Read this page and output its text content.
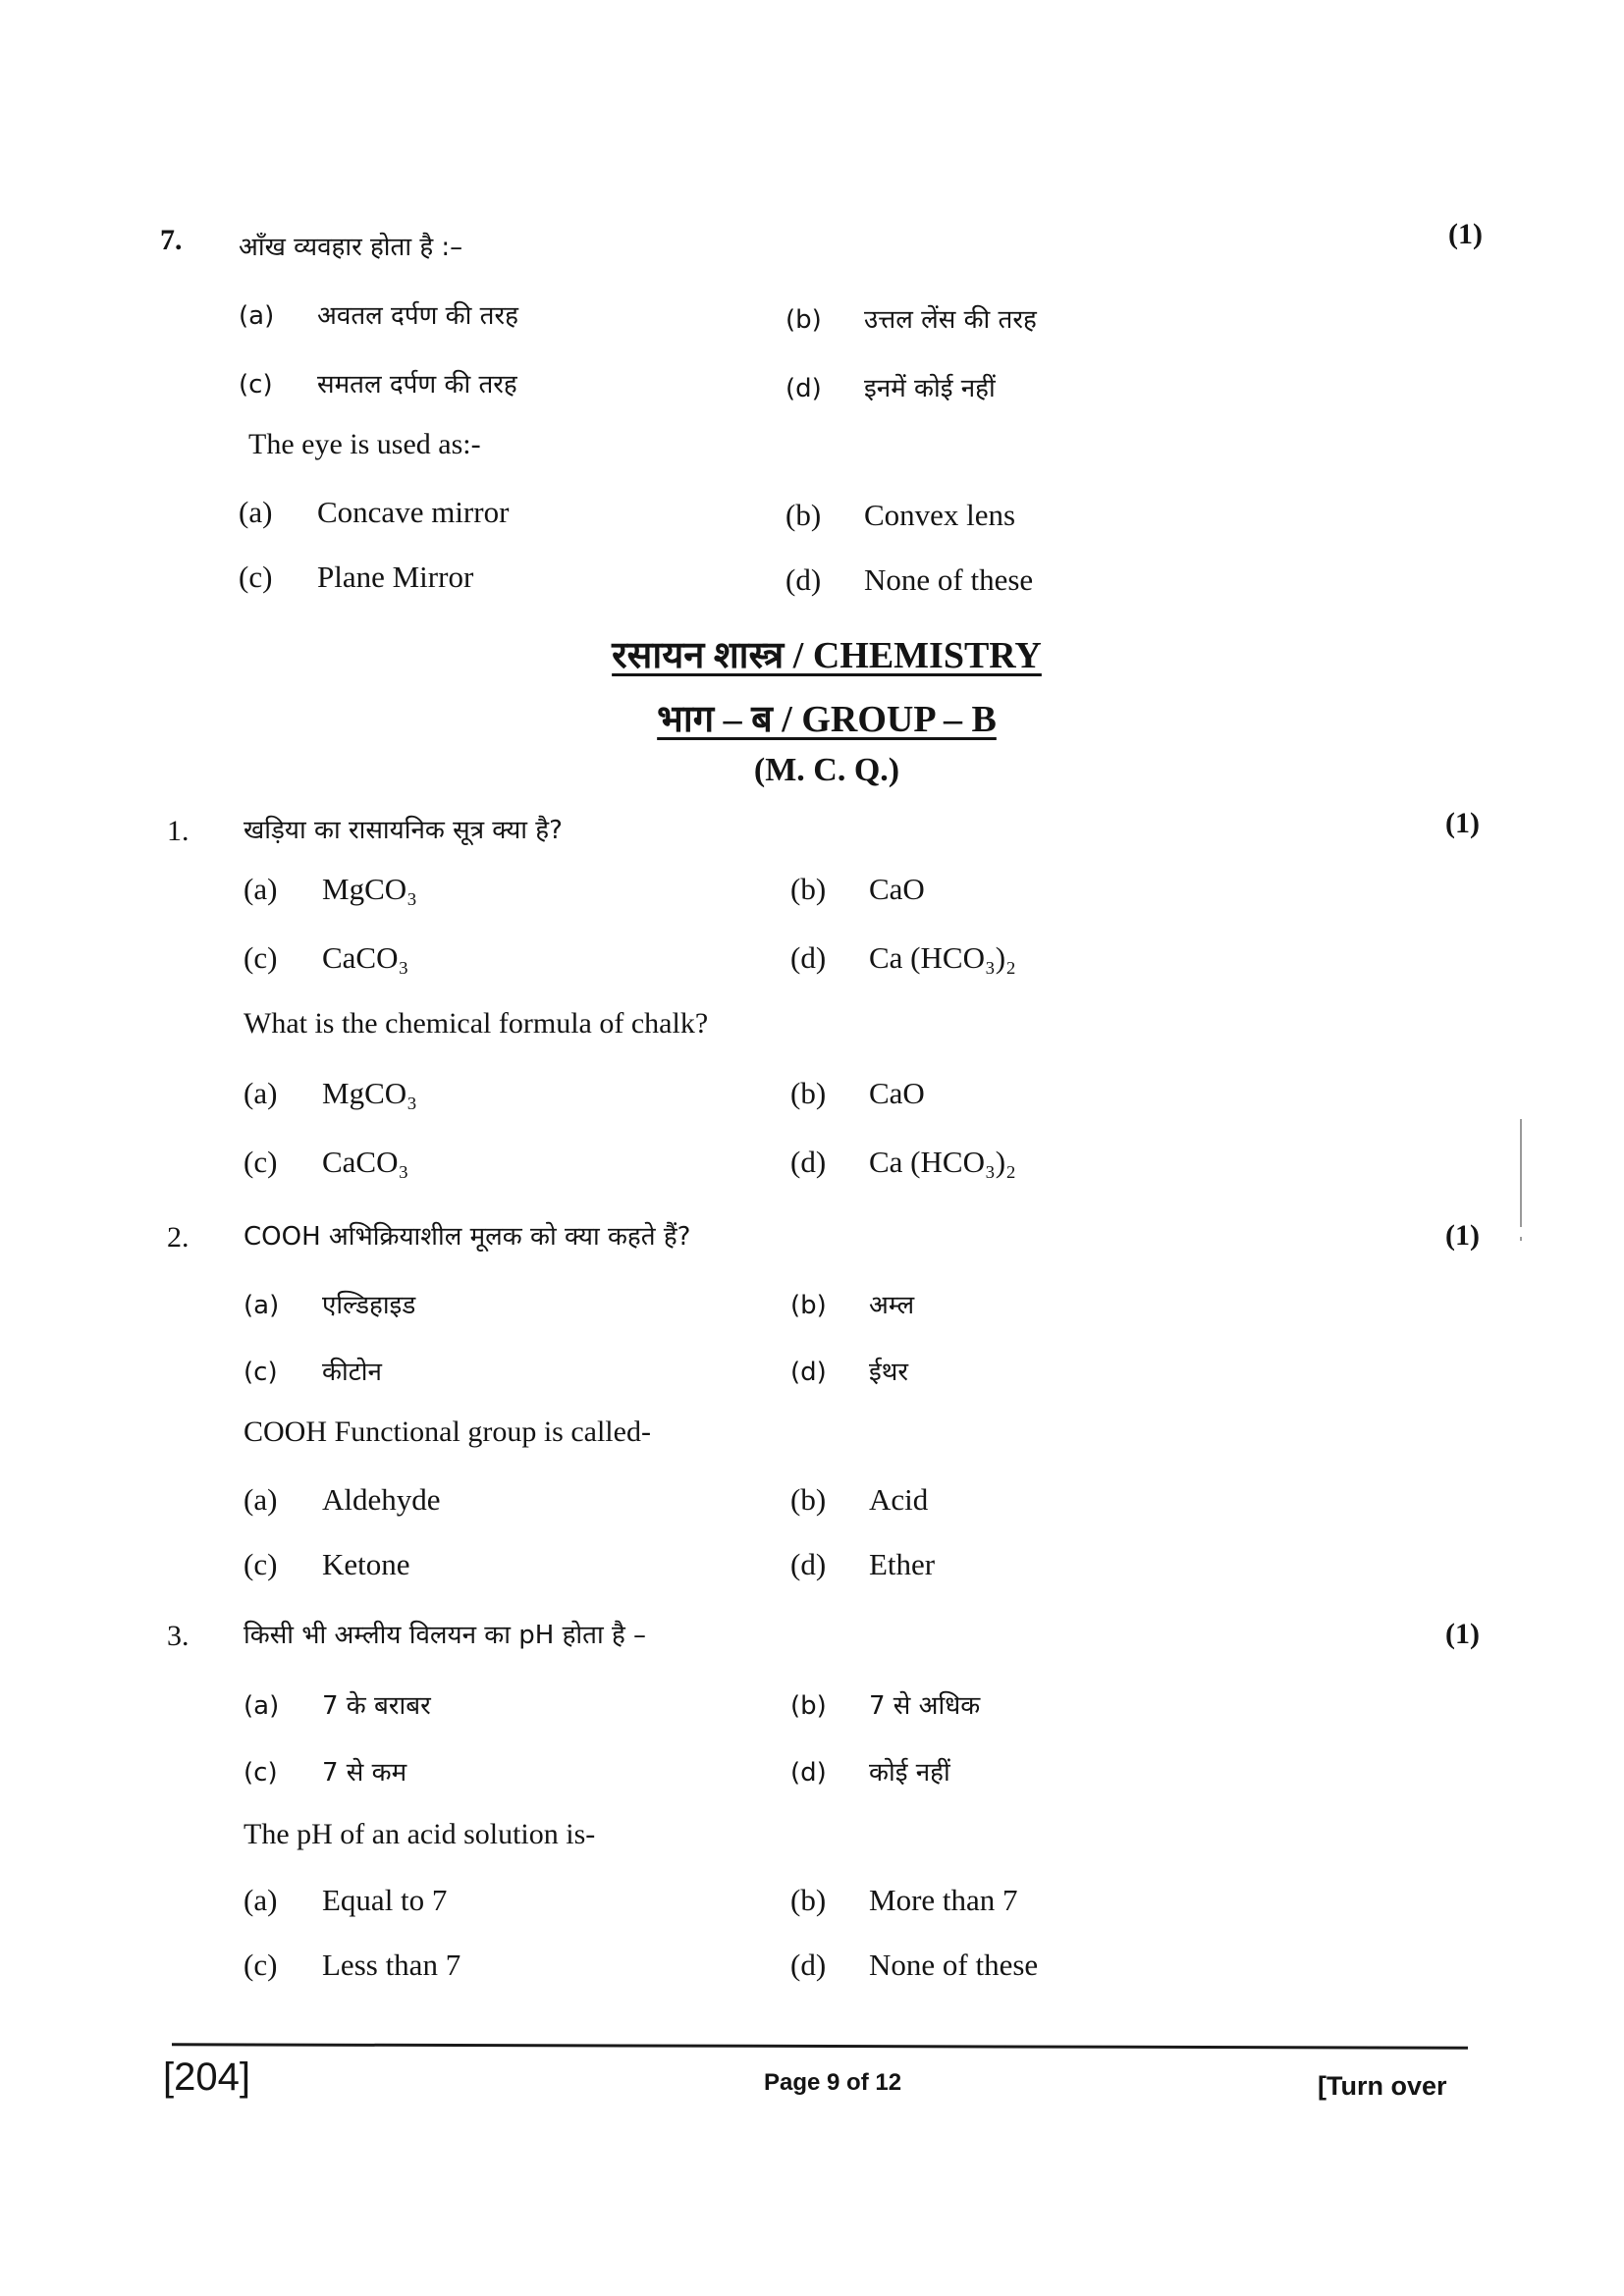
7. आँख व्यवहार होता है :–	(1)
(a) अवतल दर्पण की तरह	(b) उत्तल लेंस की तरह
(c) समतल दर्पण की तरह	(d) इनमें कोई नहीं
The eye is used as:-
(a) Concave mirror	(b) Convex lens
(c) Plane Mirror	(d) None of these
रसायन शास्त्र / CHEMISTRY
भाग – ब / GROUP – B
(M. C. Q.)
1. खड़िया का रासायनिक सूत्र क्या है?	(1)
(a) MgCO₃	(b) CaO
(c) CaCO₃	(d) Ca (HCO₃)₂
What is the chemical formula of chalk?
(a) MgCO₃	(b) CaO
(c) CaCO₃	(d) Ca (HCO₃)₂
2. COOH अभिक्रियाशील मूलक को क्या कहते हैं?	(1)
(a) एल्डिहाइड	(b) अम्ल
(c) कीटोन	(d) ईथर
COOH Functional group is called-
(a) Aldehyde	(b) Acid
(c) Ketone	(d) Ether
3. किसी भी अम्लीय विलयन का pH होता है –	(1)
(a) 7 के बराबर	(b) 7 से अधिक
(c) 7 से कम	(d) कोई नहीं
The pH of an acid solution is-
(a) Equal to 7	(b) More than 7
(c) Less than 7	(d) None of these
[204]	Page 9 of 12	[Turn over
